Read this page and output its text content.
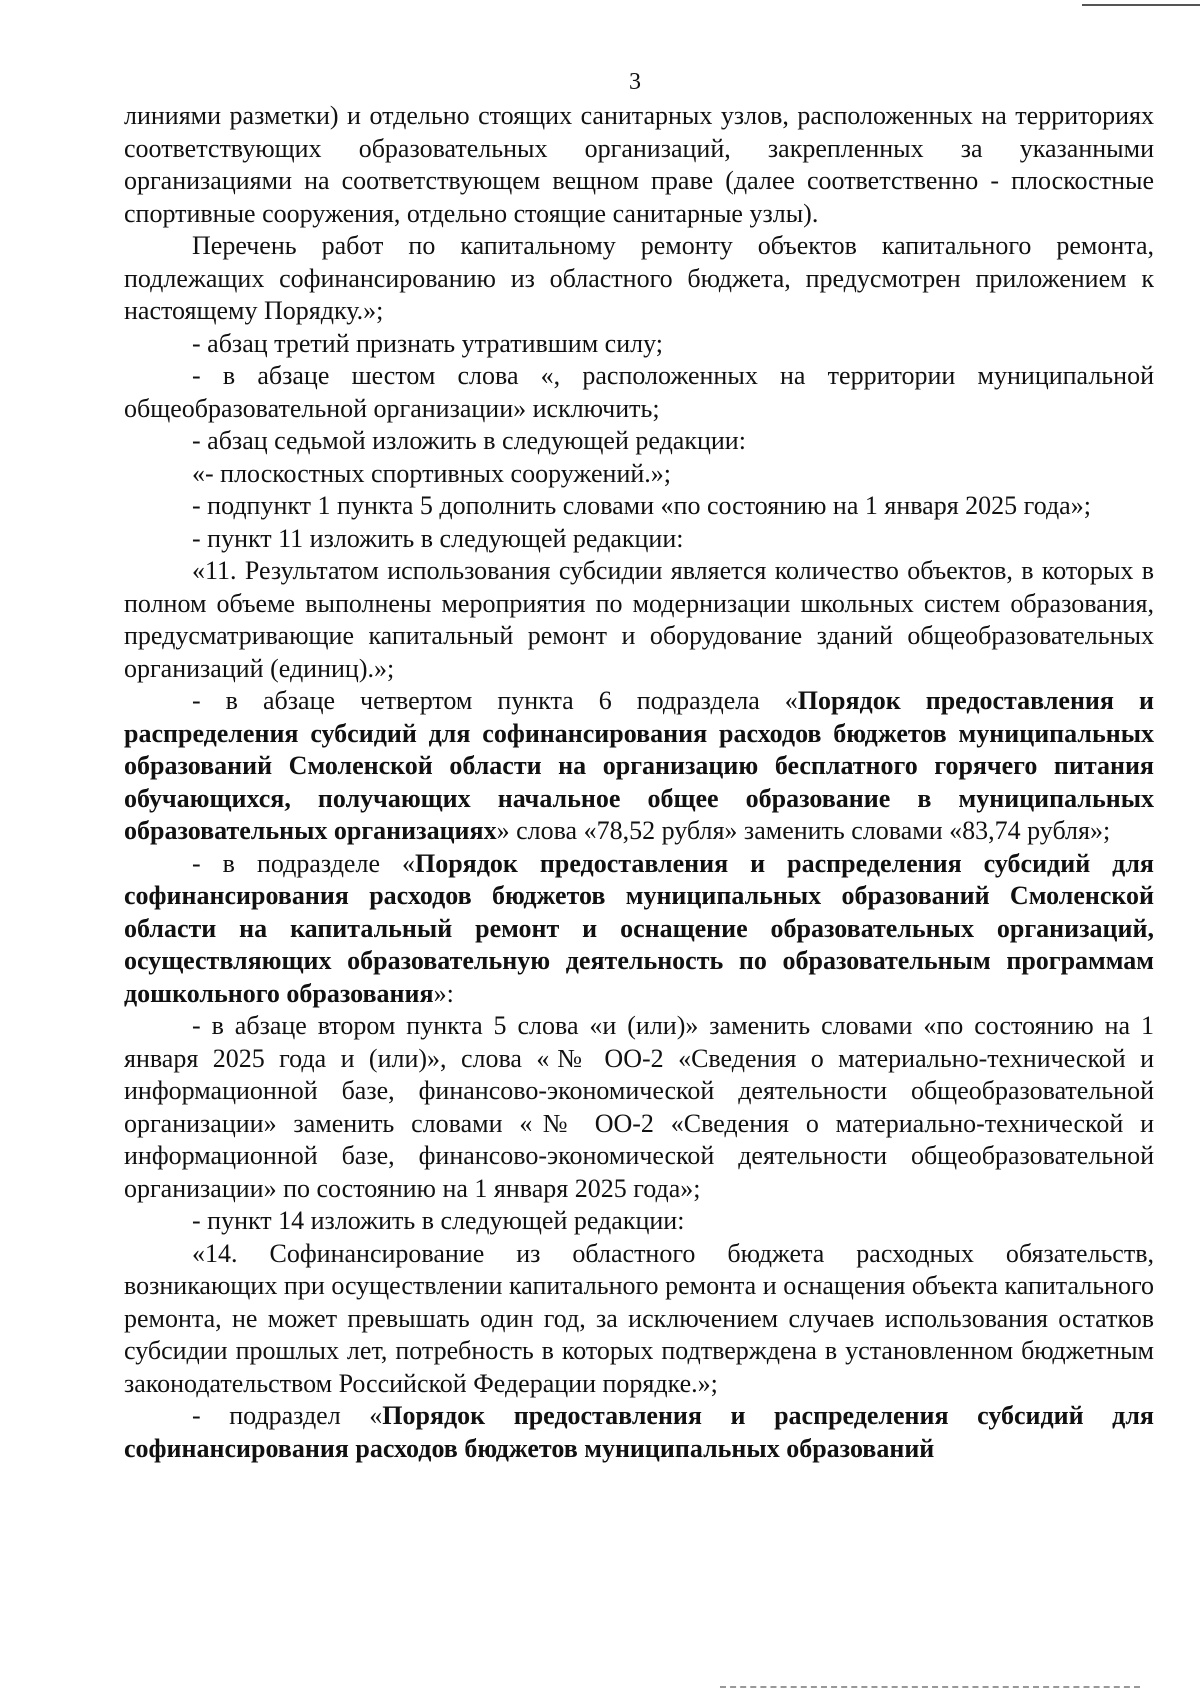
3

линиями разметки) и отдельно стоящих санитарных узлов, расположенных на территориях соответствующих образовательных организаций, закрепленных за указанными организациями на соответствующем вещном праве (далее соответственно - плоскостные спортивные сооружения, отдельно стоящие санитарные узлы).

Перечень работ по капитальному ремонту объектов капитального ремонта, подлежащих софинансированию из областного бюджета, предусмотрен приложением к настоящему Порядку.»;

- абзац третий признать утратившим силу;

- в абзаце шестом слова «, расположенных на территории муниципальной общеобразовательной организации» исключить;

- абзац седьмой изложить в следующей редакции:

«- плоскостных спортивных сооружений.»;

- подпункт 1 пункта 5 дополнить словами «по состоянию на 1 января 2025 года»;

- пункт 11 изложить в следующей редакции:

«11. Результатом использования субсидии является количество объектов, в которых в полном объеме выполнены мероприятия по модернизации школьных систем образования, предусматривающие капитальный ремонт и оборудование зданий общеобразовательных организаций (единиц).»;

- в абзаце четвертом пункта 6 подраздела «Порядок предоставления и распределения субсидий для софинансирования расходов бюджетов муниципальных образований Смоленской области на организацию бесплатного горячего питания обучающихся, получающих начальное общее образование в муниципальных образовательных организациях» слова «78,52 рубля» заменить словами «83,74 рубля»;

- в подразделе «Порядок предоставления и распределения субсидий для софинансирования расходов бюджетов муниципальных образований Смоленской области на капитальный ремонт и оснащение образовательных организаций, осуществляющих образовательную деятельность по образовательным программам дошкольного образования»:

- в абзаце втором пункта 5 слова «и (или)» заменить словами «по состоянию на 1 января 2025 года и (или)», слова «№ ОО-2 «Сведения о материально-технической и информационной базе, финансово-экономической деятельности общеобразовательной организации» заменить словами «№ ОО-2 «Сведения о материально-технической и информационной базе, финансово-экономической деятельности общеобразовательной организации» по состоянию на 1 января 2025 года»;

- пункт 14 изложить в следующей редакции:

«14. Софинансирование из областного бюджета расходных обязательств, возникающих при осуществлении капитального ремонта и оснащения объекта капитального ремонта, не может превышать один год, за исключением случаев использования остатков субсидии прошлых лет, потребность в которых подтверждена в установленном бюджетным законодательством Российской Федерации порядке.»;

- подраздел «Порядок предоставления и распределения субсидий для софинансирования расходов бюджетов муниципальных образований
